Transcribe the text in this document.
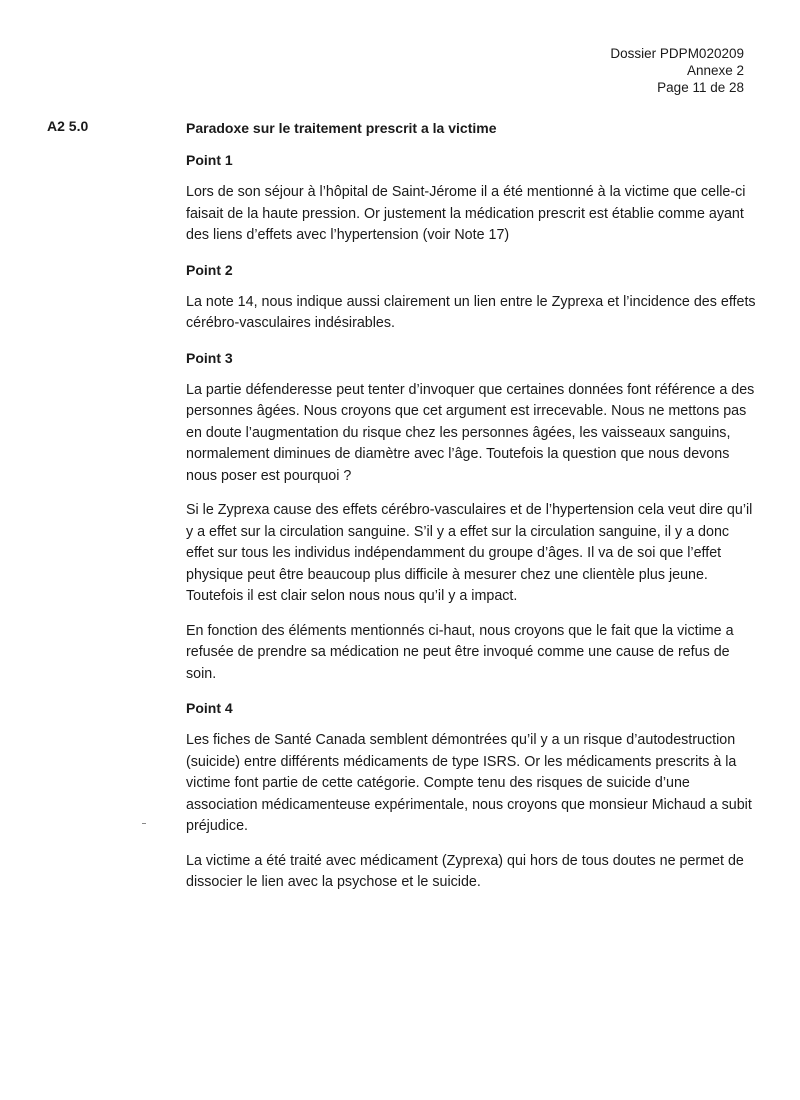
Dossier PDPM020209
Annexe 2
Page 11 de 28
A2 5.0	Paradoxe sur le traitement prescrit a la victime
Point 1

Lors de son séjour à l’hôpital de Saint-Jérome il a été mentionné à la victime que celle-ci faisait de la haute pression. Or justement la médication prescrit est établie comme ayant des liens d’effets avec l’hypertension (voir Note 17)

Point 2

La note 14, nous indique aussi clairement un lien entre le Zyprexa et l’incidence des effets cérébro-vasculaires indésirables.

Point 3

La partie défenderesse peut tenter d’invoquer que certaines données font référence a des personnes âgées. Nous croyons que cet argument est irrecevable. Nous ne mettons pas en doute l’augmentation du risque chez les personnes âgées, les vaisseaux sanguins, normalement diminues de diamètre avec l’âge. Toutefois la question que nous devons nous poser est pourquoi ?

Si le Zyprexa cause des effets cérébro-vasculaires et de l’hypertension cela veut dire qu’il y a effet sur la circulation sanguine. S’il y a effet sur la circulation sanguine, il y a donc effet sur tous les individus indépendamment du groupe d’âges. Il va de soi que l’effet physique peut être beaucoup plus difficile à mesurer chez une clientèle plus jeune. Toutefois il est clair selon nous nous qu’il y a impact.

En fonction des éléments mentionnés ci-haut, nous croyons que le fait que la victime a refusée de prendre sa médication ne peut être invoqué comme une cause de refus de soin.

Point 4

Les fiches de Santé Canada semblent démontrées qu’il y a un risque d’autodestruction (suicide) entre différents médicaments de type ISRS. Or les médicaments prescrits à la victime font partie de cette catégorie. Compte tenu des risques de suicide d’une association médicamenteuse expérimentale, nous croyons que monsieur Michaud a subit préjudice.

La victime a été traité avec médicament (Zyprexa) qui hors de tous doutes ne permet de dissocier le lien avec la psychose et le suicide.
